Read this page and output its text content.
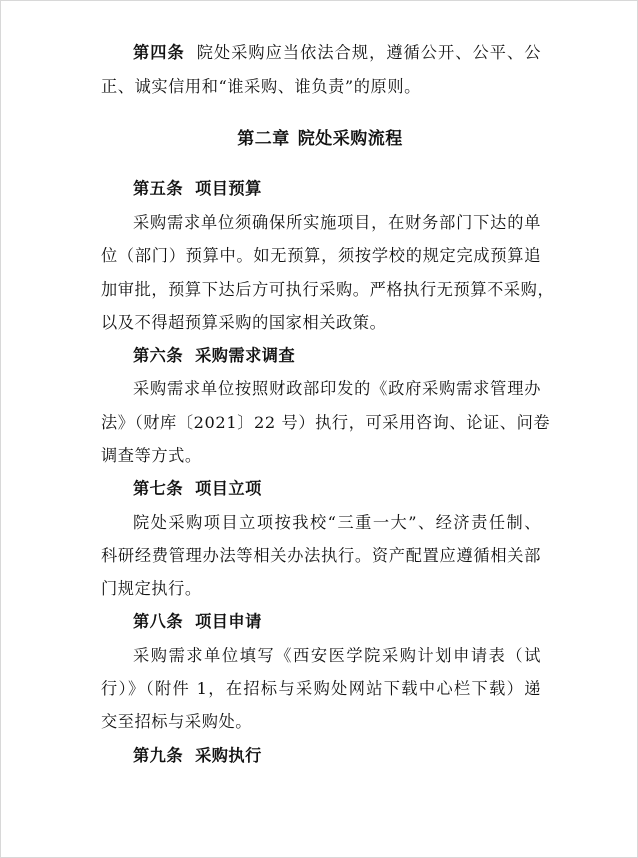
第四条 院处采购应当依法合规，遵循公开、公平、公
正、诚实信用和“谁采购、谁负责”的原则。
第二章 院处采购流程
第五条 项目预算
采购需求单位须确保所实施项目，在财务部门下达的单
位（部门）预算中。如无预算，须按学校的规定完成预算追
加审批，预算下达后方可执行采购。严格执行无预算不采购，
以及不得超预算采购的国家相关政策。
第六条 采购需求调查
采购需求单位按照财政部印发的《政府采购需求管理办
法》（财库〔2021〕22 号）执行，可采用咨询、论证、问卷
调查等方式。
第七条 项目立项
院处采购项目立项按我校“三重一大”、经济责任制、
科研经费管理办法等相关办法执行。资产配置应遵循相关部
门规定执行。
第八条 项目申请
采购需求单位填写《西安医学院采购计划申请表（试
行）》（附件 1，在招标与采购处网站下载中心栏下载）递
交至招标与采购处。
第九条 采购执行
